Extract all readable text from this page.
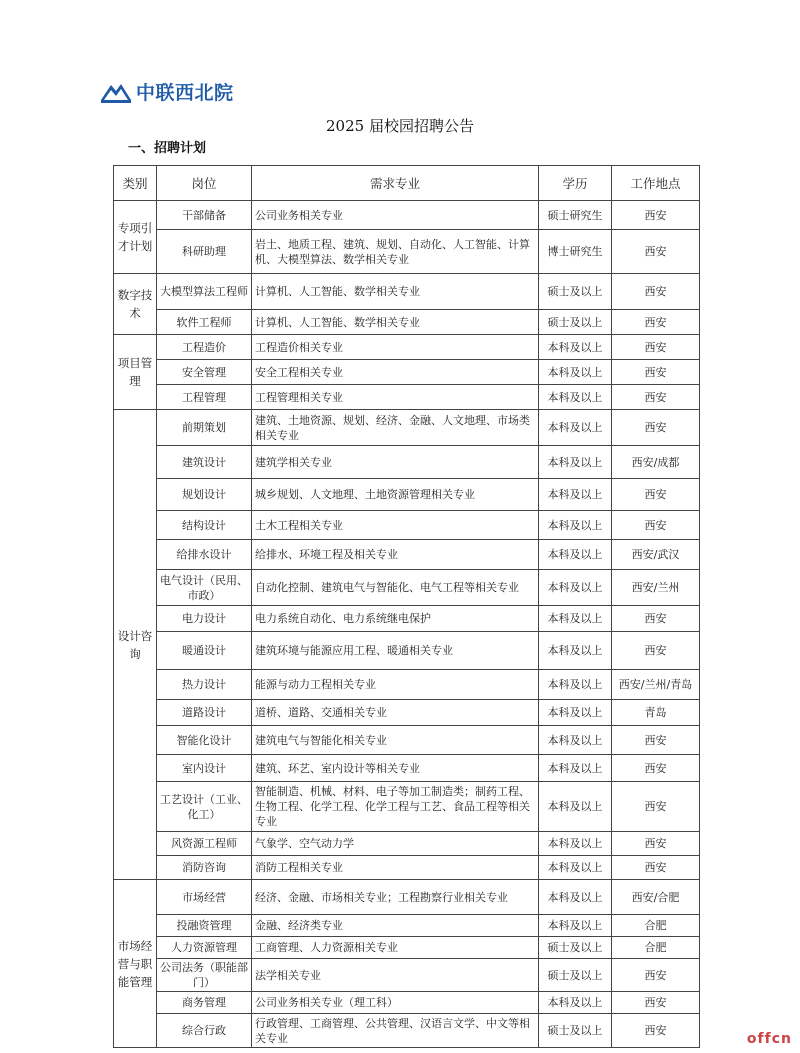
中联西北院
2025 届校园招聘公告
一、招聘计划
类别	岗位	需求专业	学历	工作地点
专项引才计划	干部储备	公司业务相关专业	硕士研究生	西安
	科研助理	岩土、地质工程、建筑、规划、自动化、人工智能、计算机、大模型算法、数学相关专业	博士研究生	西安
数字技术	大模型算法工程师	计算机、人工智能、数学相关专业	硕士及以上	西安
	软件工程师	计算机、人工智能、数学相关专业	硕士及以上	西安
项目管理	工程造价	工程造价相关专业	本科及以上	西安
	安全管理	安全工程相关专业	本科及以上	西安
	工程管理	工程管理相关专业	本科及以上	西安
设计咨询	前期策划	建筑、土地资源、规划、经济、金融、人文地理、市场类相关专业	本科及以上	西安
	建筑设计	建筑学相关专业	本科及以上	西安/成都
	规划设计	城乡规划、人文地理、土地资源管理相关专业	本科及以上	西安
	结构设计	土木工程相关专业	本科及以上	西安
	给排水设计	给排水、环境工程及相关专业	本科及以上	西安/武汉
	电气设计（民用、市政）	自动化控制、建筑电气与智能化、电气工程等相关专业	本科及以上	西安/兰州
	电力设计	电力系统自动化、电力系统继电保护	本科及以上	西安
	暖通设计	建筑环境与能源应用工程、暖通相关专业	本科及以上	西安
	热力设计	能源与动力工程相关专业	本科及以上	西安/兰州/青岛
	道路设计	道桥、道路、交通相关专业	本科及以上	青岛
	智能化设计	建筑电气与智能化相关专业	本科及以上	西安
	室内设计	建筑、环艺、室内设计等相关专业	本科及以上	西安
	工艺设计（工业、化工）	智能制造、机械、材料、电子等加工制造类；制药工程、生物工程、化学工程、化学工程与工艺、食品工程等相关专业	本科及以上	西安
	风资源工程师	气象学、空气动力学	本科及以上	西安
	消防咨询	消防工程相关专业	本科及以上	西安
市场经营与职能管理	市场经营	经济、金融、市场相关专业；工程勘察行业相关专业	本科及以上	西安/合肥
	投融资管理	金融、经济类专业	本科及以上	合肥
	人力资源管理	工商管理、人力资源相关专业	硕士及以上	合肥
	公司法务（职能部门）	法学相关专业	硕士及以上	西安
	商务管理	公司业务相关专业（理工科）	本科及以上	西安
	综合行政	行政管理、工商管理、公共管理、汉语言文学、中文等相关专业	硕士及以上	西安
offcn
